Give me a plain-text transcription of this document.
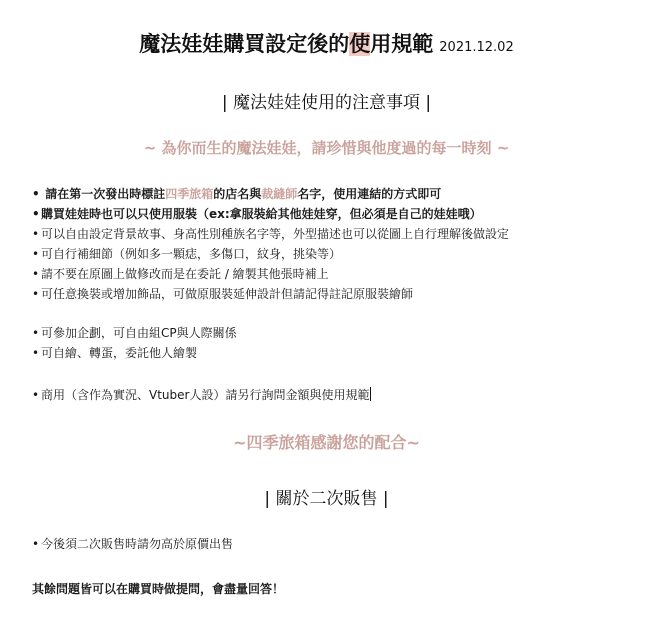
魔法娃娃購買設定後的使用規範 2021.12.02
| 魔法娃娃使用的注意事項 |
~ 為你而生的魔法娃娃，請珍惜與他度過的每一時刻 ~
• 請在第一次發出時標註四季旅箱的店名與裁縫師名字，使用連結的方式即可
• 購買娃娃時也可以只使用服裝（ex:拿服裝給其他娃娃穿，但必須是自己的娃娃哦）
• 可以自由設定背景故事、身高性別種族名字等，外型描述也可以從圖上自行理解後做設定
• 可自行補細節（例如多一顆痣，多傷口，紋身，挑染等）
• 請不要在原圖上做修改而是在委託 / 繪製其他張時補上
• 可任意換裝或增加飾品，可做原服裝延伸設計但請記得註記原服裝繪師
• 可參加企劃，可自由組CP與人際關係
• 可自繪、轉蛋，委託他人繪製
• 商用（含作為實況、Vtuber人設）請另行詢問金額與使用規範
~四季旅箱感謝您的配合~
| 關於二次販售 |
• 今後須二次販售時請勿高於原價出售
其餘問題皆可以在購買時做提問，會盡量回答！
